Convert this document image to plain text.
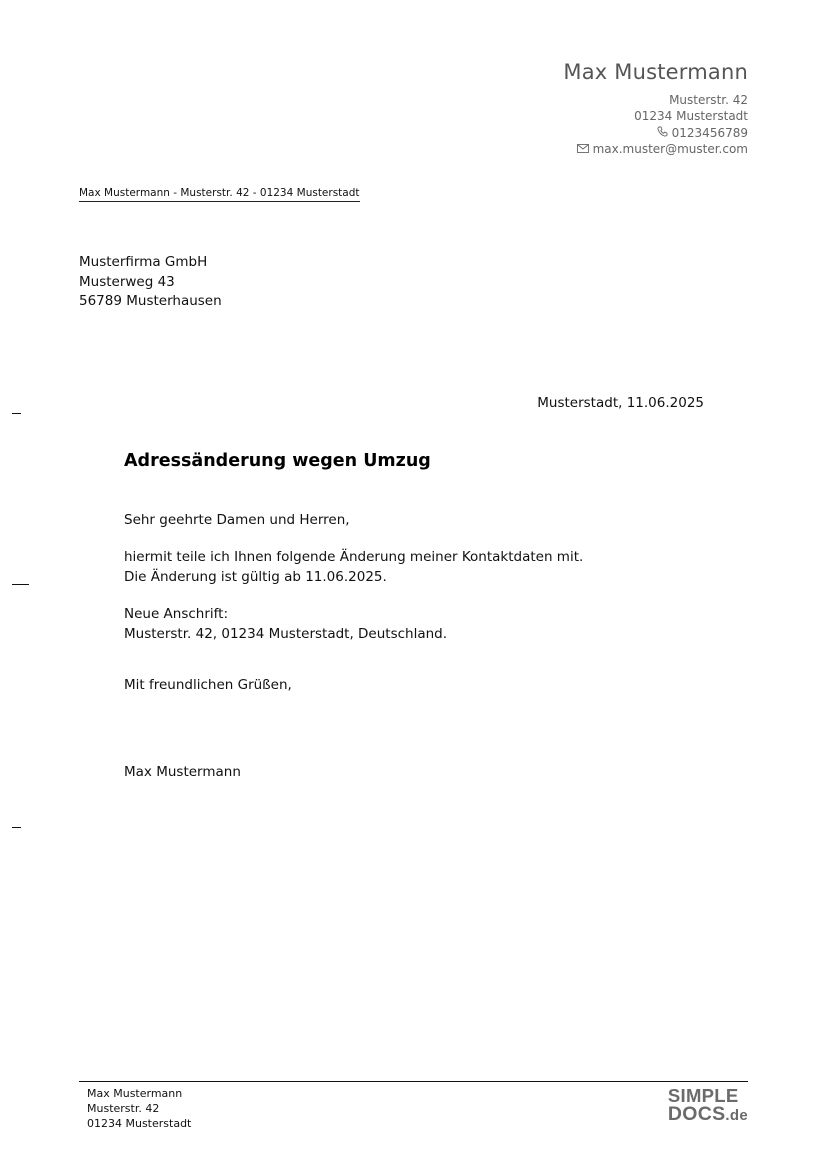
Max Mustermann
Musterstr. 42
01234 Musterstadt
0123456789
max.muster@muster.com
Max Mustermann - Musterstr. 42 - 01234 Musterstadt
Musterfirma GmbH
Musterweg 43
56789 Musterhausen
Musterstadt, 11.06.2025
Adressänderung wegen Umzug
Sehr geehrte Damen und Herren,
hiermit teile ich Ihnen folgende Änderung meiner Kontaktdaten mit.
Die Änderung ist gültig ab 11.06.2025.
Neue Anschrift:
Musterstr. 42, 01234 Musterstadt, Deutschland.
Mit freundlichen Grüßen,
Max Mustermann
Max Mustermann
Musterstr. 42
01234 Musterstadt
SIMPLE
DOCS.de
